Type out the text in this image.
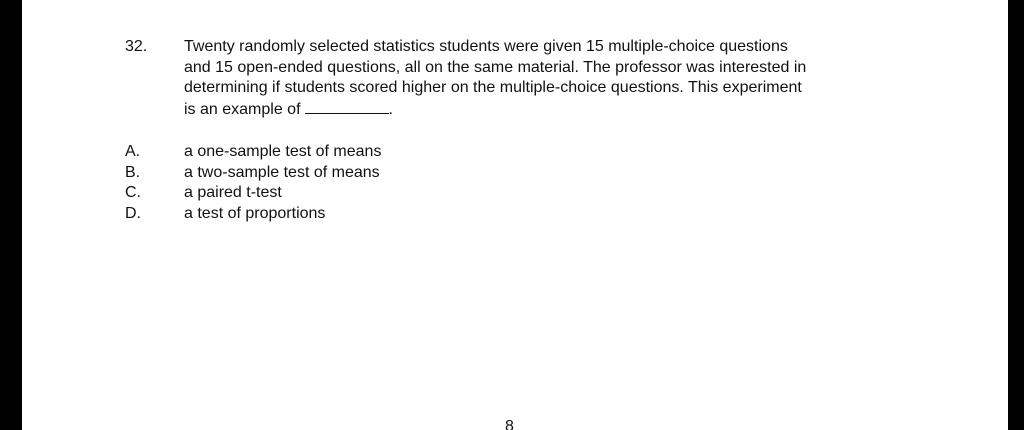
32. Twenty randomly selected statistics students were given 15 multiple-choice questions
and 15 open-ended questions, all on the same material. The professor was interested in
determining if students scored higher on the multiple-choice questions. This experiment
is an example of	.
A.	a one-sample test of means
B.	a two-sample test of means
C.	a paired t-test
D.	a test of proportions
8
